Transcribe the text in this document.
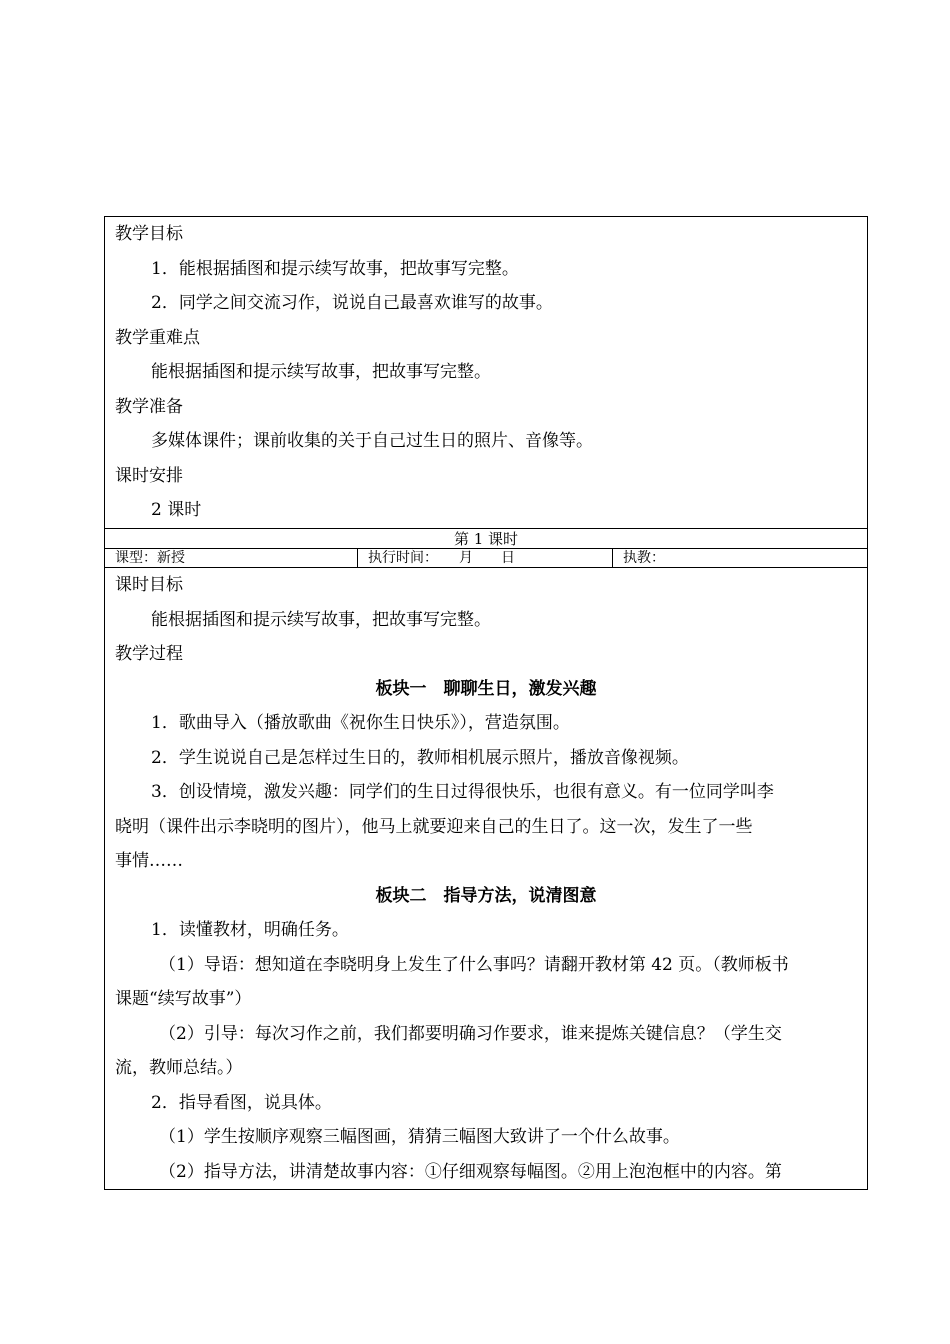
教学目标

1．能根据插图和提示续写故事，把故事写完整。

2．同学之间交流习作，说说自己最喜欢谁写的故事。

教学重难点

能根据插图和提示续写故事，把故事写完整。

教学准备

多媒体课件；课前收集的关于自己过生日的照片、音像等。

课时安排

2 课时

第 1 课时
课型：新授	执行时间：　　月　　日	执教：

课时目标

能根据插图和提示续写故事，把故事写完整。

教学过程

板块一　聊聊生日，激发兴趣

1．歌曲导入（播放歌曲《祝你生日快乐》），营造氛围。

2．学生说说自己是怎样过生日的，教师相机展示照片，播放音像视频。

3．创设情境，激发兴趣：同学们的生日过得很快乐，也很有意义。有一位同学叫李

晓明（课件出示李晓明的图片），他马上就要迎来自己的生日了。这一次，发生了一些

事情……

板块二　指导方法，说清图意

1．读懂教材，明确任务。

（1）导语：想知道在李晓明身上发生了什么事吗？请翻开教材第 42 页。（教师板书

课题“续写故事”）

（2）引导：每次习作之前，我们都要明确习作要求，谁来提炼关键信息？（学生交

流，教师总结。）

2．指导看图，说具体。

（1）学生按顺序观察三幅图画，猜猜三幅图大致讲了一个什么故事。

（2）指导方法，讲清楚故事内容：①仔细观察每幅图。②用上泡泡框中的内容。第
